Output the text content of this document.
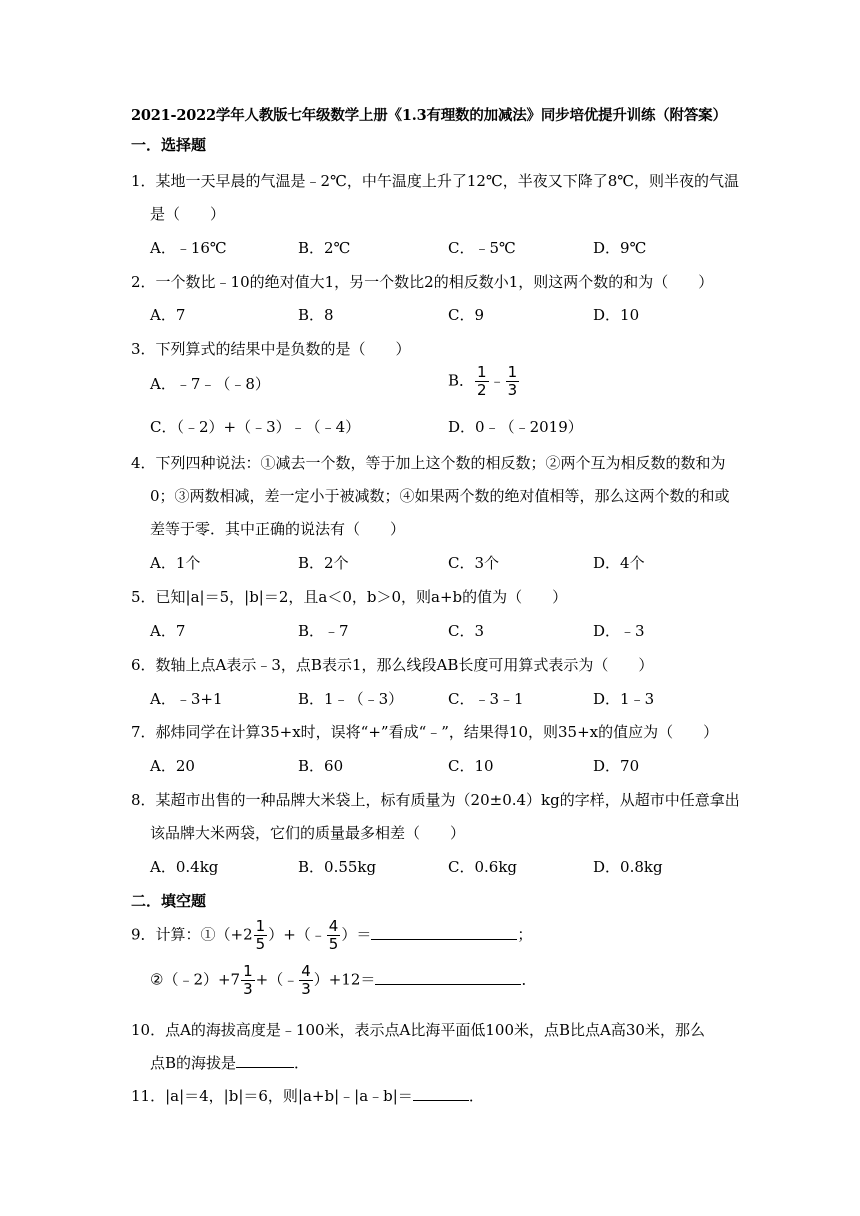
2021-2022学年人教版七年级数学上册《1.3有理数的加减法》同步培优提升训练（附答案）
一．选择题
1．某地一天早晨的气温是﹣2℃，中午温度上升了12℃，半夜又下降了8℃，则半夜的气温
是（　　）
A．﹣16℃	B．2℃	C．﹣5℃	D．9℃
2．一个数比﹣10的绝对值大1，另一个数比2的相反数小1，则这两个数的和为（　　）
A．7	B．8	C．9	D．10
3．下列算式的结果中是负数的是（　　）
A．﹣7﹣（﹣8）	B． $\frac{1}{2}$ ﹣ $\frac{1}{3}$
C．（﹣2）+（﹣3）﹣（﹣4）	D．0﹣（﹣2019）
4．下列四种说法：①减去一个数，等于加上这个数的相反数；②两个互为相反数的数和为
0；③两数相减，差一定小于被减数；④如果两个数的绝对值相等，那么这两个数的和或
差等于零．其中正确的说法有（　　）
A．1个	B．2个	C．3个	D．4个
5．已知|a|＝5，|b|＝2，且a＜0，b＞0，则a+b的值为（　　）
A．7	B．﹣7	C．3	D．﹣3
6．数轴上点A表示﹣3，点B表示1，那么线段AB长度可用算式表示为（　　）
A．﹣3+1	B．1﹣（﹣3）	C．﹣3﹣1	D．1﹣3
7．郝炜同学在计算35+x时，误将“+”看成“﹣”，结果得10，则35+x的值应为（　　）
A．20	B．60	C．10	D．70
8．某超市出售的一种品牌大米袋上，标有质量为（20±0.4）kg的字样，从超市中任意拿出
该品牌大米两袋，它们的质量最多相差（　　）
A．0.4kg	B．0.55kg	C．0.6kg	D．0.8kg
二．填空题
9．计算：①（+2 $\frac{1}{5}$ ）+（﹣ $\frac{4}{5}$ ）＝	；
②（﹣2）+7 $\frac{1}{3}$ +（﹣ $\frac{4}{3} )+12=$	．
10．点A的海拔高度是﹣100米，表示点A比海平面低100米，点B比点A高30米，那么
点B的海拔是	．
11．|a|＝4，|b|＝6，则|a+b|﹣|a﹣b|＝	．
